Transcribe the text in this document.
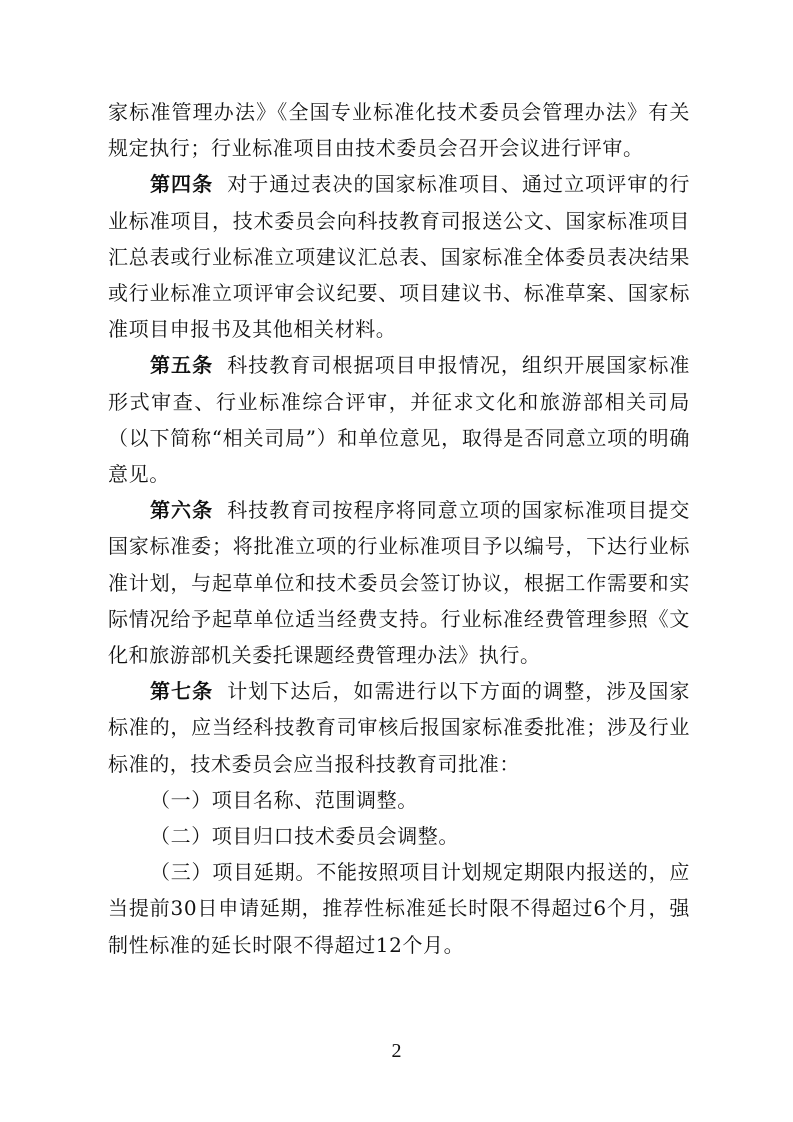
家标准管理办法》《全国专业标准化技术委员会管理办法》有关规定执行；行业标准项目由技术委员会召开会议进行评审。

第四条 对于通过表决的国家标准项目、通过立项评审的行业标准项目，技术委员会向科技教育司报送公文、国家标准项目汇总表或行业标准立项建议汇总表、国家标准全体委员表决结果或行业标准立项评审会议纪要、项目建议书、标准草案、国家标准项目申报书及其他相关材料。

第五条 科技教育司根据项目申报情况，组织开展国家标准形式审查、行业标准综合评审，并征求文化和旅游部相关司局（以下简称“相关司局”）和单位意见，取得是否同意立项的明确意见。

第六条 科技教育司按程序将同意立项的国家标准项目提交国家标准委；将批准立项的行业标准项目予以编号，下达行业标准计划，与起草单位和技术委员会签订协议，根据工作需要和实际情况给予起草单位适当经费支持。行业标准经费管理参照《文化和旅游部机关委托课题经费管理办法》执行。

第七条 计划下达后，如需进行以下方面的调整，涉及国家标准的，应当经科技教育司审核后报国家标准委批准；涉及行业标准的，技术委员会应当报科技教育司批准：

（一）项目名称、范围调整。

（二）项目归口技术委员会调整。

（三）项目延期。不能按照项目计划规定期限内报送的，应当提前30日申请延期，推荐性标准延长时限不得超过6个月，强制性标准的延长时限不得超过12个月。

2
